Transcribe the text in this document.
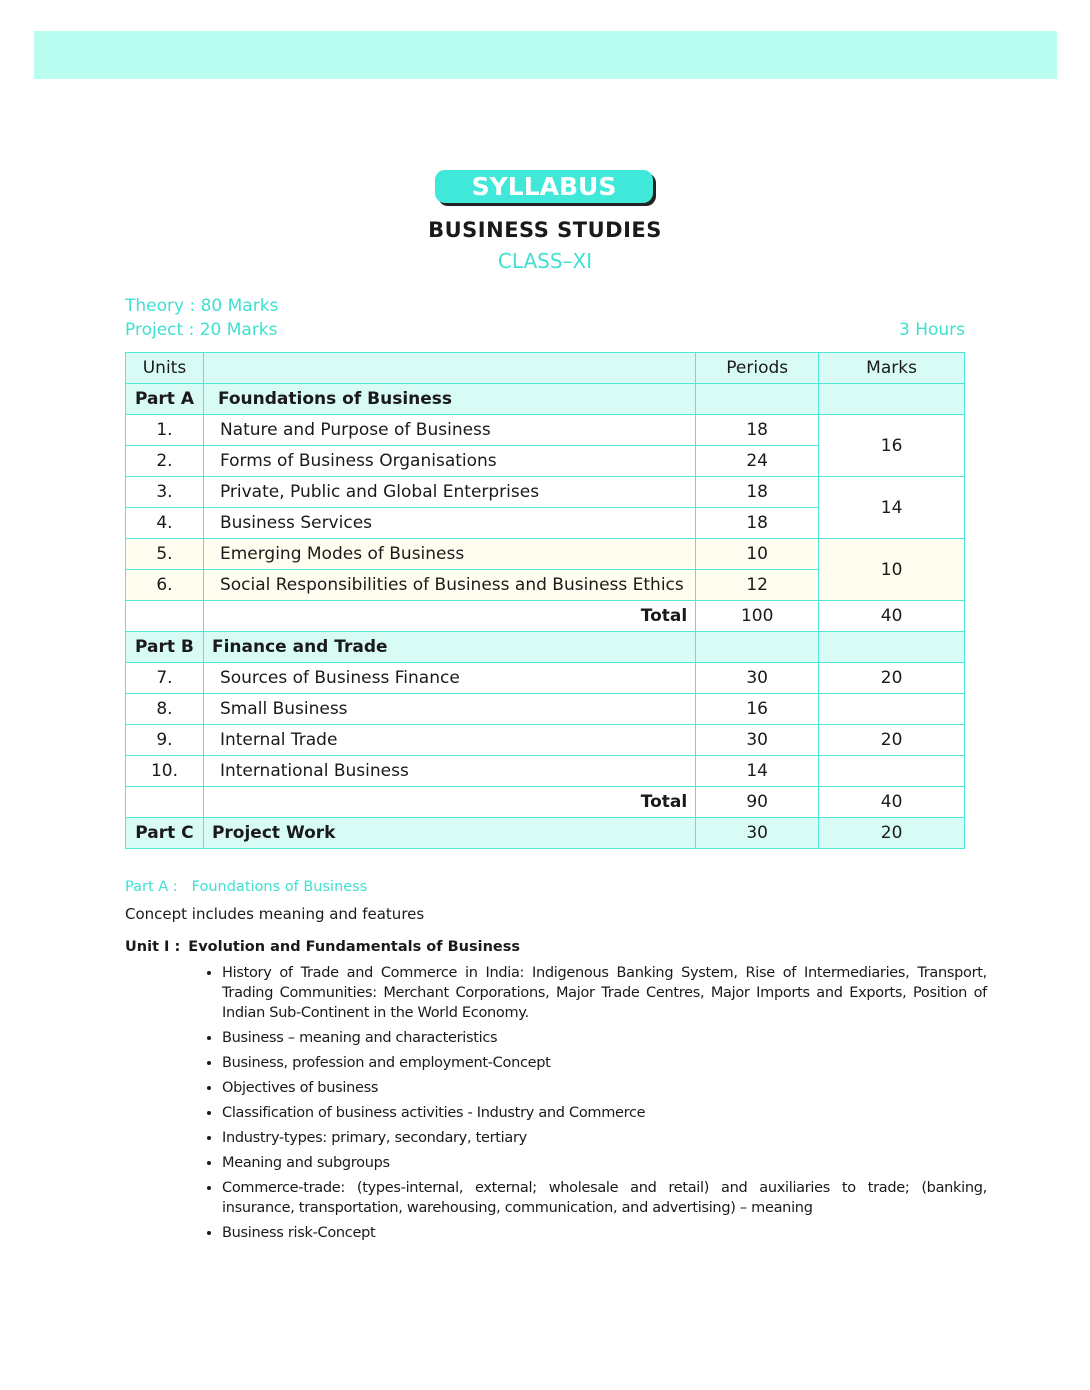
SYLLABUS
BUSINESS STUDIES
CLASS–XI
Theory : 80 Marks
Project : 20 Marks	3 Hours
Units		Periods	Marks
Part A	Foundations of Business		
1.	Nature and Purpose of Business	18	16
2.	Forms of Business Organisations	24	
3.	Private, Public and Global Enterprises	18	14
4.	Business Services	18	
5.	Emerging Modes of Business	10	10
6.	Social Responsibilities of Business and Business Ethics	12	
	Total	100	40
Part B	Finance and Trade		
7.	Sources of Business Finance	30	20
8.	Small Business	16	
9.	Internal Trade	30	20
10.	International Business	14	
	Total	90	40
Part C	Project Work	30	20
Part A : Foundations of Business
Concept includes meaning and features
Unit I : Evolution and Fundamentals of Business
• History of Trade and Commerce in India: Indigenous Banking System, Rise of Intermediaries, Transport, Trading Communities: Merchant Corporations, Major Trade Centres, Major Imports and Exports, Position of Indian Sub-Continent in the World Economy.
• Business – meaning and characteristics
• Business, profession and employment-Concept
• Objectives of business
• Classification of business activities - Industry and Commerce
• Industry-types: primary, secondary, tertiary
• Meaning and subgroups
• Commerce-trade: (types-internal, external; wholesale and retail) and auxiliaries to trade; (banking, insurance, transportation, warehousing, communication, and advertising) – meaning
• Business risk-Concept
